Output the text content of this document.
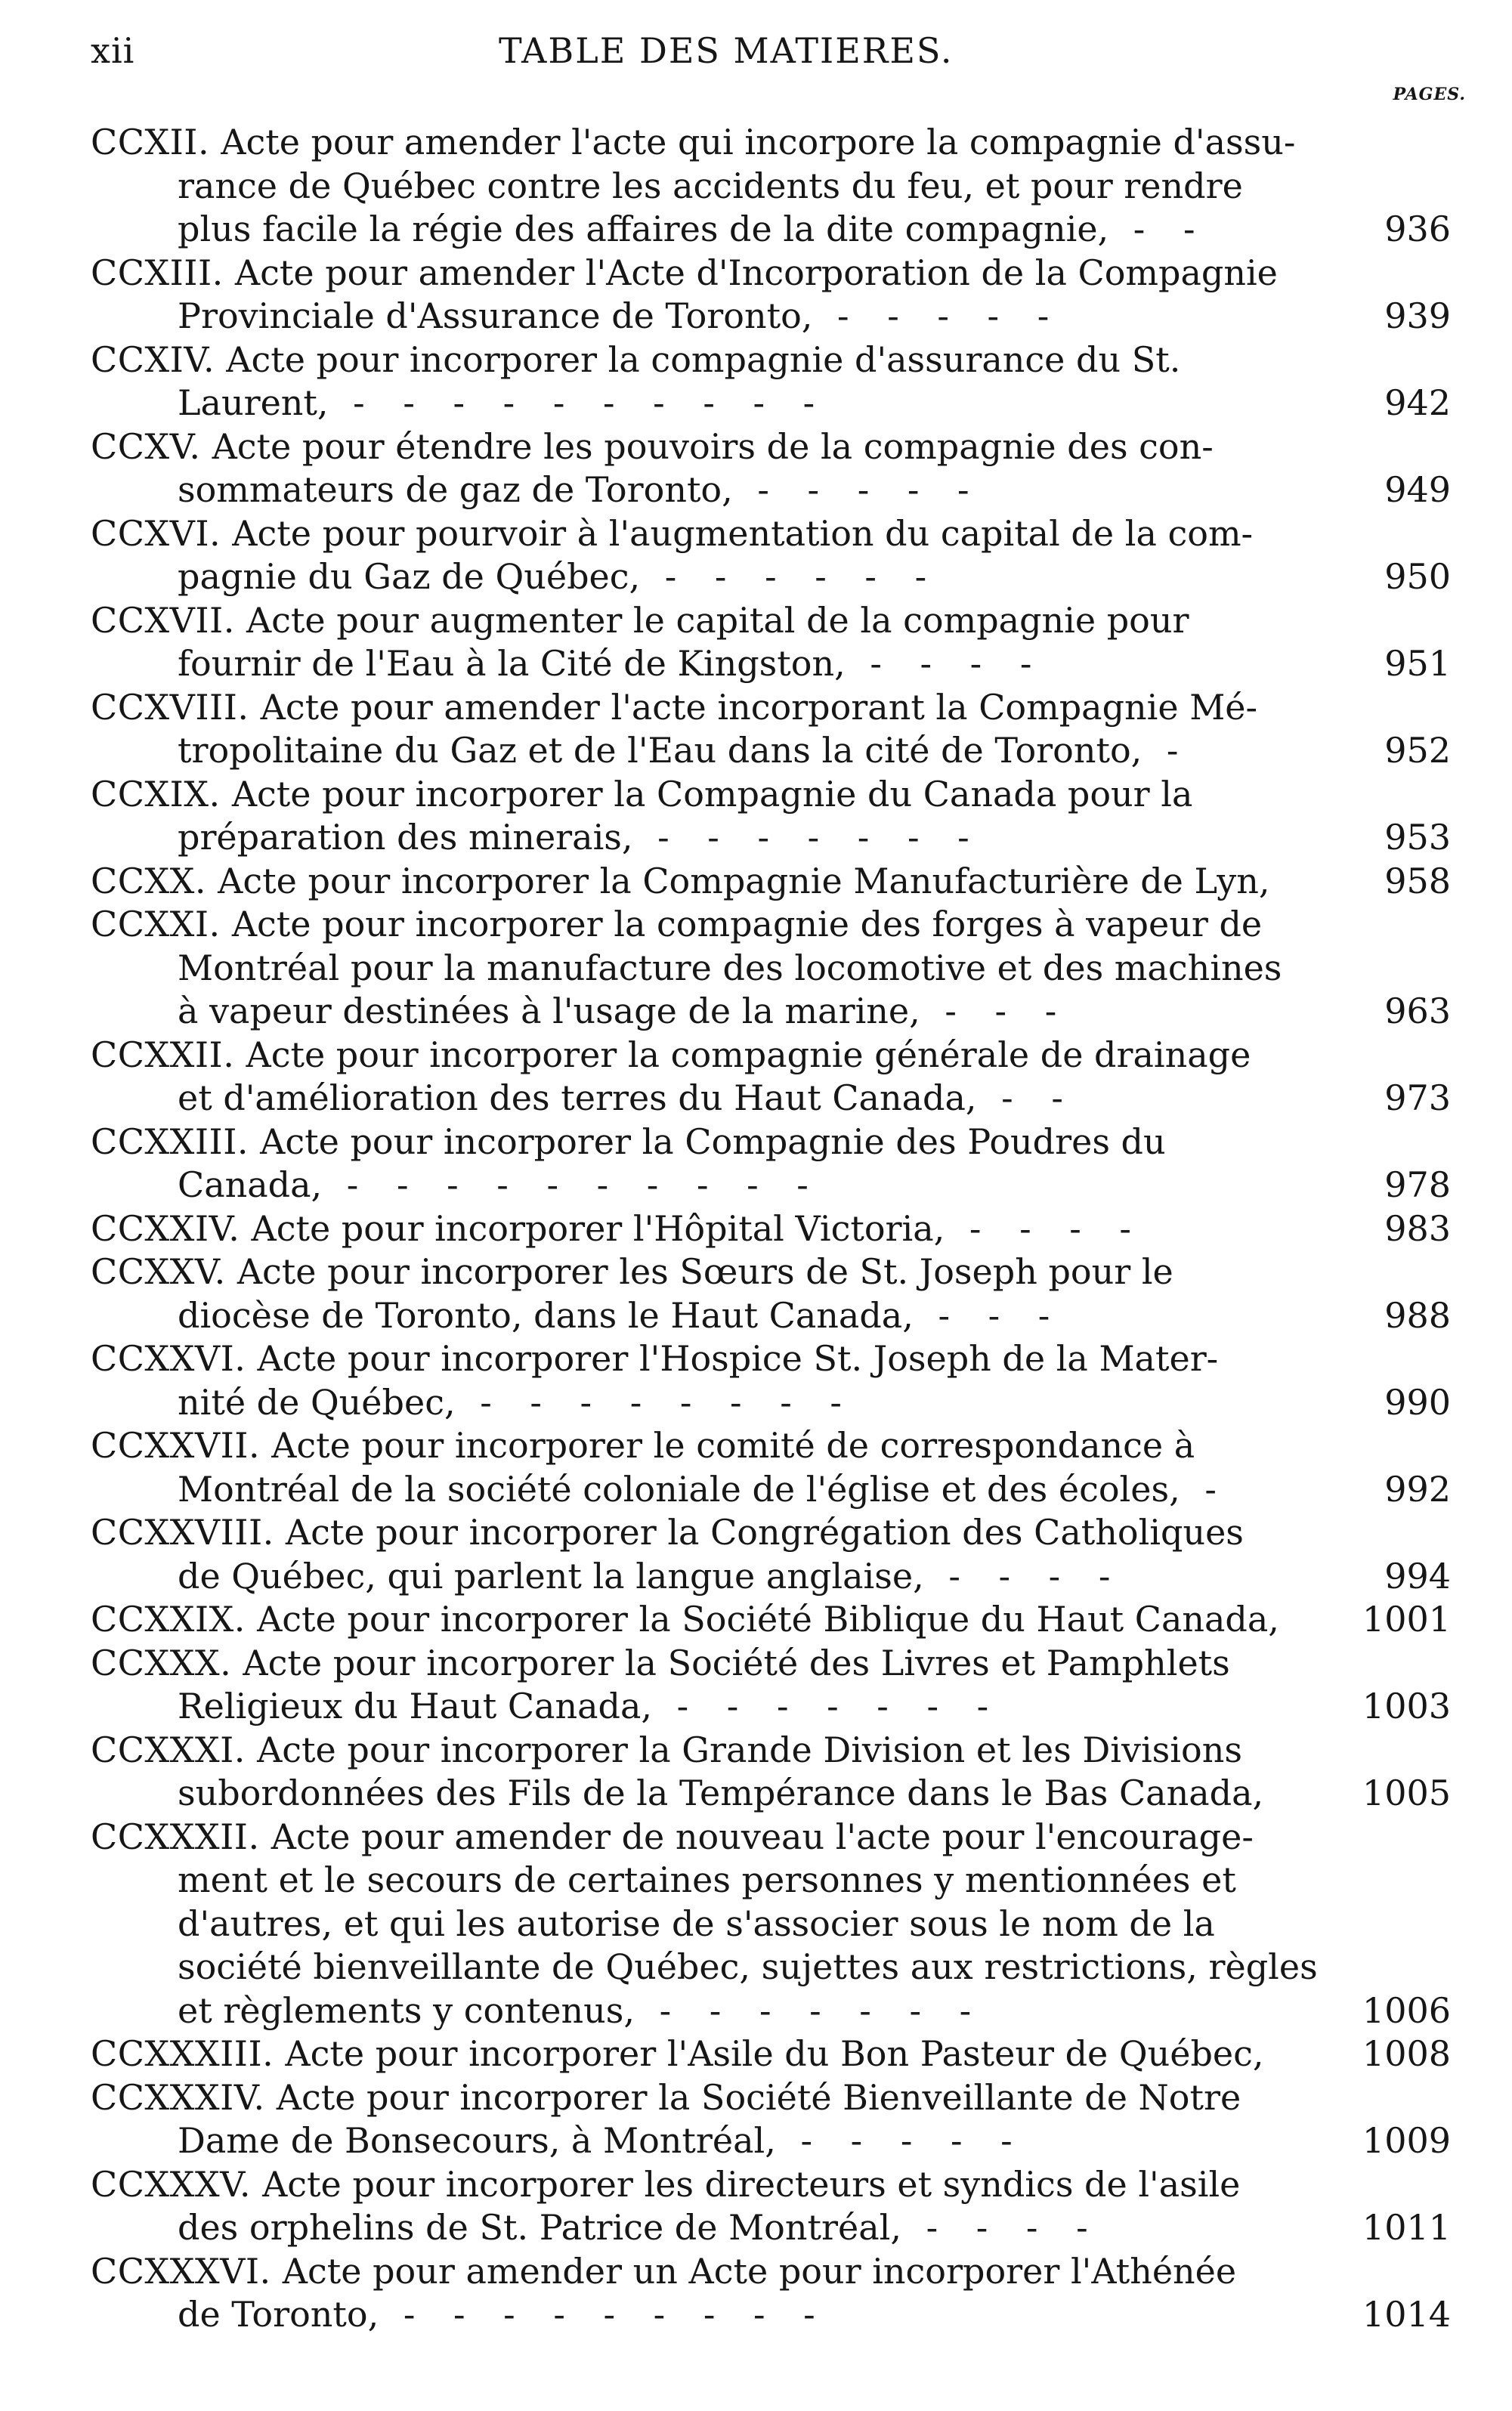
xii	TABLE DES MATIERES.
PAGES.
CCXII. Acte pour amender l'acte qui incorpore la compagnie d'assu-
rance de Québec contre les accidents du feu, et pour rendre
plus facile la régie des affaires de la dite compagnie, - -	936
CCXIII. Acte pour amender l'Acte d'Incorporation de la Compagnie
Provinciale d'Assurance de Toronto, - - - - -	939
CCXIV. Acte pour incorporer la compagnie d'assurance du St.
Laurent, - - - - - - - - - -	942
CCXV. Acte pour étendre les pouvoirs de la compagnie des con-
sommateurs de gaz de Toronto, - - - - -	949
CCXVI. Acte pour pourvoir à l'augmentation du capital de la com-
pagnie du Gaz de Québec, - - - - - -	950
CCXVII. Acte pour augmenter le capital de la compagnie pour
fournir de l'Eau à la Cité de Kingston, - - - -	951
CCXVIII. Acte pour amender l'acte incorporant la Compagnie Mé-
tropolitaine du Gaz et de l'Eau dans la cité de Toronto, -	952
CCXIX. Acte pour incorporer la Compagnie du Canada pour la
préparation des minerais, - - - - - - -	953
CCXX. Acte pour incorporer la Compagnie Manufacturière de Lyn,	958
CCXXI. Acte pour incorporer la compagnie des forges à vapeur de
Montréal pour la manufacture des locomotive et des machines
à vapeur destinées à l'usage de la marine, - - -	963
CCXXII. Acte pour incorporer la compagnie générale de drainage
et d'amélioration des terres du Haut Canada, - -	973
CCXXIII. Acte pour incorporer la Compagnie des Poudres du
Canada, - - - - - - - - - -	978
CCXXIV. Acte pour incorporer l'Hôpital Victoria, - - - -	983
CCXXV. Acte pour incorporer les Sœurs de St. Joseph pour le
diocèse de Toronto, dans le Haut Canada, - - -	988
CCXXVI. Acte pour incorporer l'Hospice St. Joseph de la Mater-
nité de Québec, - - - - - - - -	990
CCXXVII. Acte pour incorporer le comité de correspondance à
Montréal de la société coloniale de l'église et des écoles, -	992
CCXXVIII. Acte pour incorporer la Congrégation des Catholiques
de Québec, qui parlent la langue anglaise, - - - -	994
CCXXIX. Acte pour incorporer la Société Biblique du Haut Canada, 1001
CCXXX. Acte pour incorporer la Société des Livres et Pamphlets
Religieux du Haut Canada, - - - - - - -	1003
CCXXXI. Acte pour incorporer la Grande Division et les Divisions
subordonnées des Fils de la Tempérance dans le Bas Canada,	1005
CCXXXII. Acte pour amender de nouveau l'acte pour l'encourage-
ment et le secours de certaines personnes y mentionnées et
d'autres, et qui les autorise de s'associer sous le nom de la
société bienveillante de Québec, sujettes aux restrictions, règles
et règlements y contenus, - - - - - - -	1006
CCXXXIII. Acte pour incorporer l'Asile du Bon Pasteur de Québec,	1008
CCXXXIV. Acte pour incorporer la Société Bienveillante de Notre
Dame de Bonsecours, à Montréal, - - - - -	1009
CCXXXV. Acte pour incorporer les directeurs et syndics de l'asile
des orphelins de St. Patrice de Montréal, - - - -	1011
CCXXXVI. Acte pour amender un Acte pour incorporer l'Athénée
de Toronto, - - - - - - - - -	1014
